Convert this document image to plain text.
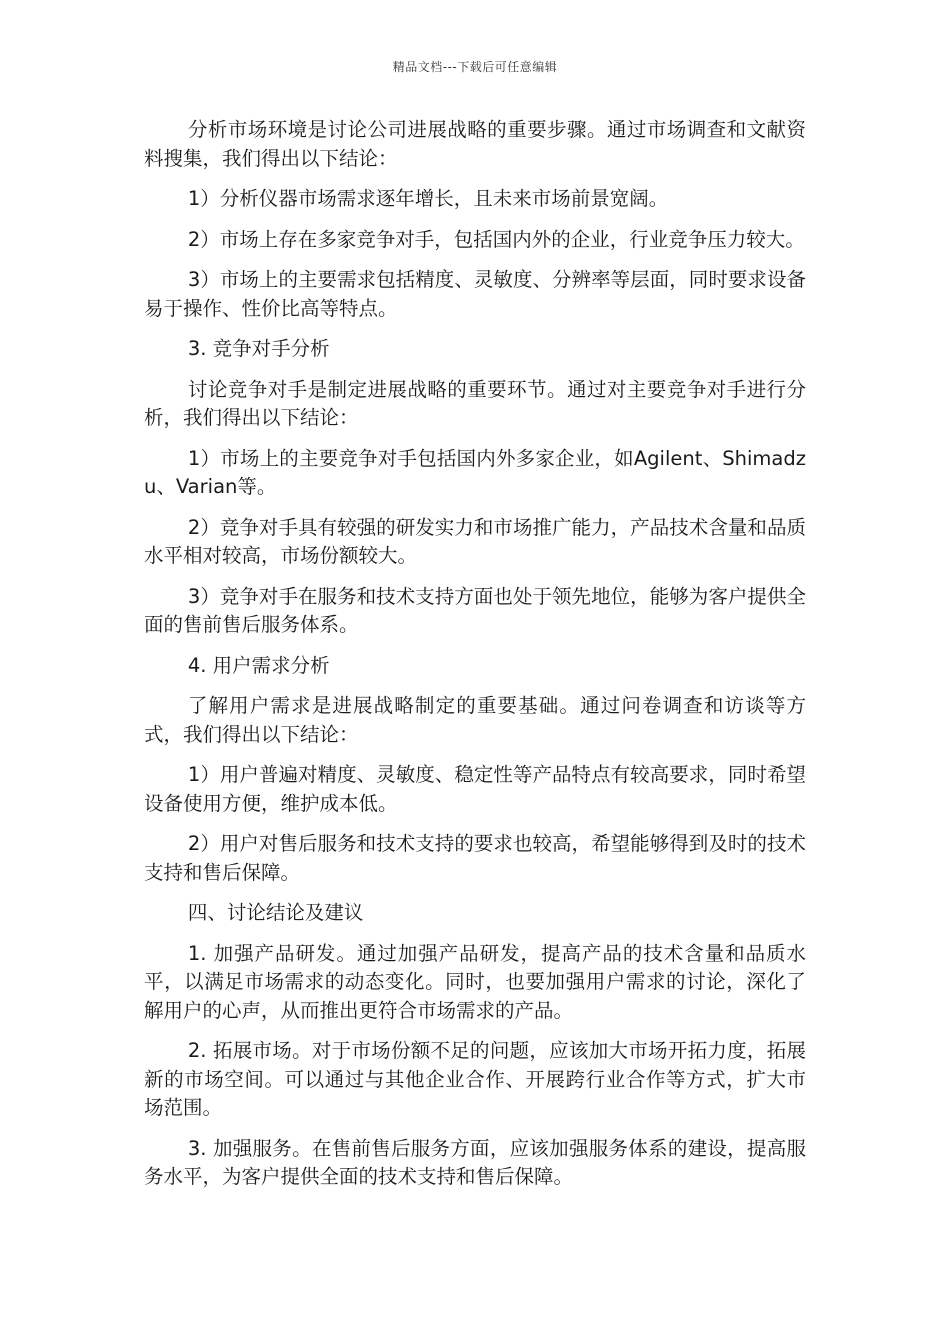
精品文档---下载后可任意编辑

分析市场环境是讨论公司进展战略的重要步骤。通过市场调查和文献资料搜集，我们得出以下结论：

1）分析仪器市场需求逐年增长，且未来市场前景宽阔。

2）市场上存在多家竞争对手，包括国内外的企业，行业竞争压力较大。

3）市场上的主要需求包括精度、灵敏度、分辨率等层面，同时要求设备易于操作、性价比高等特点。

3. 竞争对手分析

讨论竞争对手是制定进展战略的重要环节。通过对主要竞争对手进行分析，我们得出以下结论：

1）市场上的主要竞争对手包括国内外多家企业，如Agilent、Shimadzu、Varian等。

2）竞争对手具有较强的研发实力和市场推广能力，产品技术含量和品质水平相对较高，市场份额较大。

3）竞争对手在服务和技术支持方面也处于领先地位，能够为客户提供全面的售前售后服务体系。

4. 用户需求分析

了解用户需求是进展战略制定的重要基础。通过问卷调查和访谈等方式，我们得出以下结论：

1）用户普遍对精度、灵敏度、稳定性等产品特点有较高要求，同时希望设备使用方便，维护成本低。

2）用户对售后服务和技术支持的要求也较高，希望能够得到及时的技术支持和售后保障。

四、讨论结论及建议

1. 加强产品研发。通过加强产品研发，提高产品的技术含量和品质水平，以满足市场需求的动态变化。同时，也要加强用户需求的讨论，深化了解用户的心声，从而推出更符合市场需求的产品。

2. 拓展市场。对于市场份额不足的问题，应该加大市场开拓力度，拓展新的市场空间。可以通过与其他企业合作、开展跨行业合作等方式，扩大市场范围。

3. 加强服务。在售前售后服务方面，应该加强服务体系的建设，提高服务水平，为客户提供全面的技术支持和售后保障。
